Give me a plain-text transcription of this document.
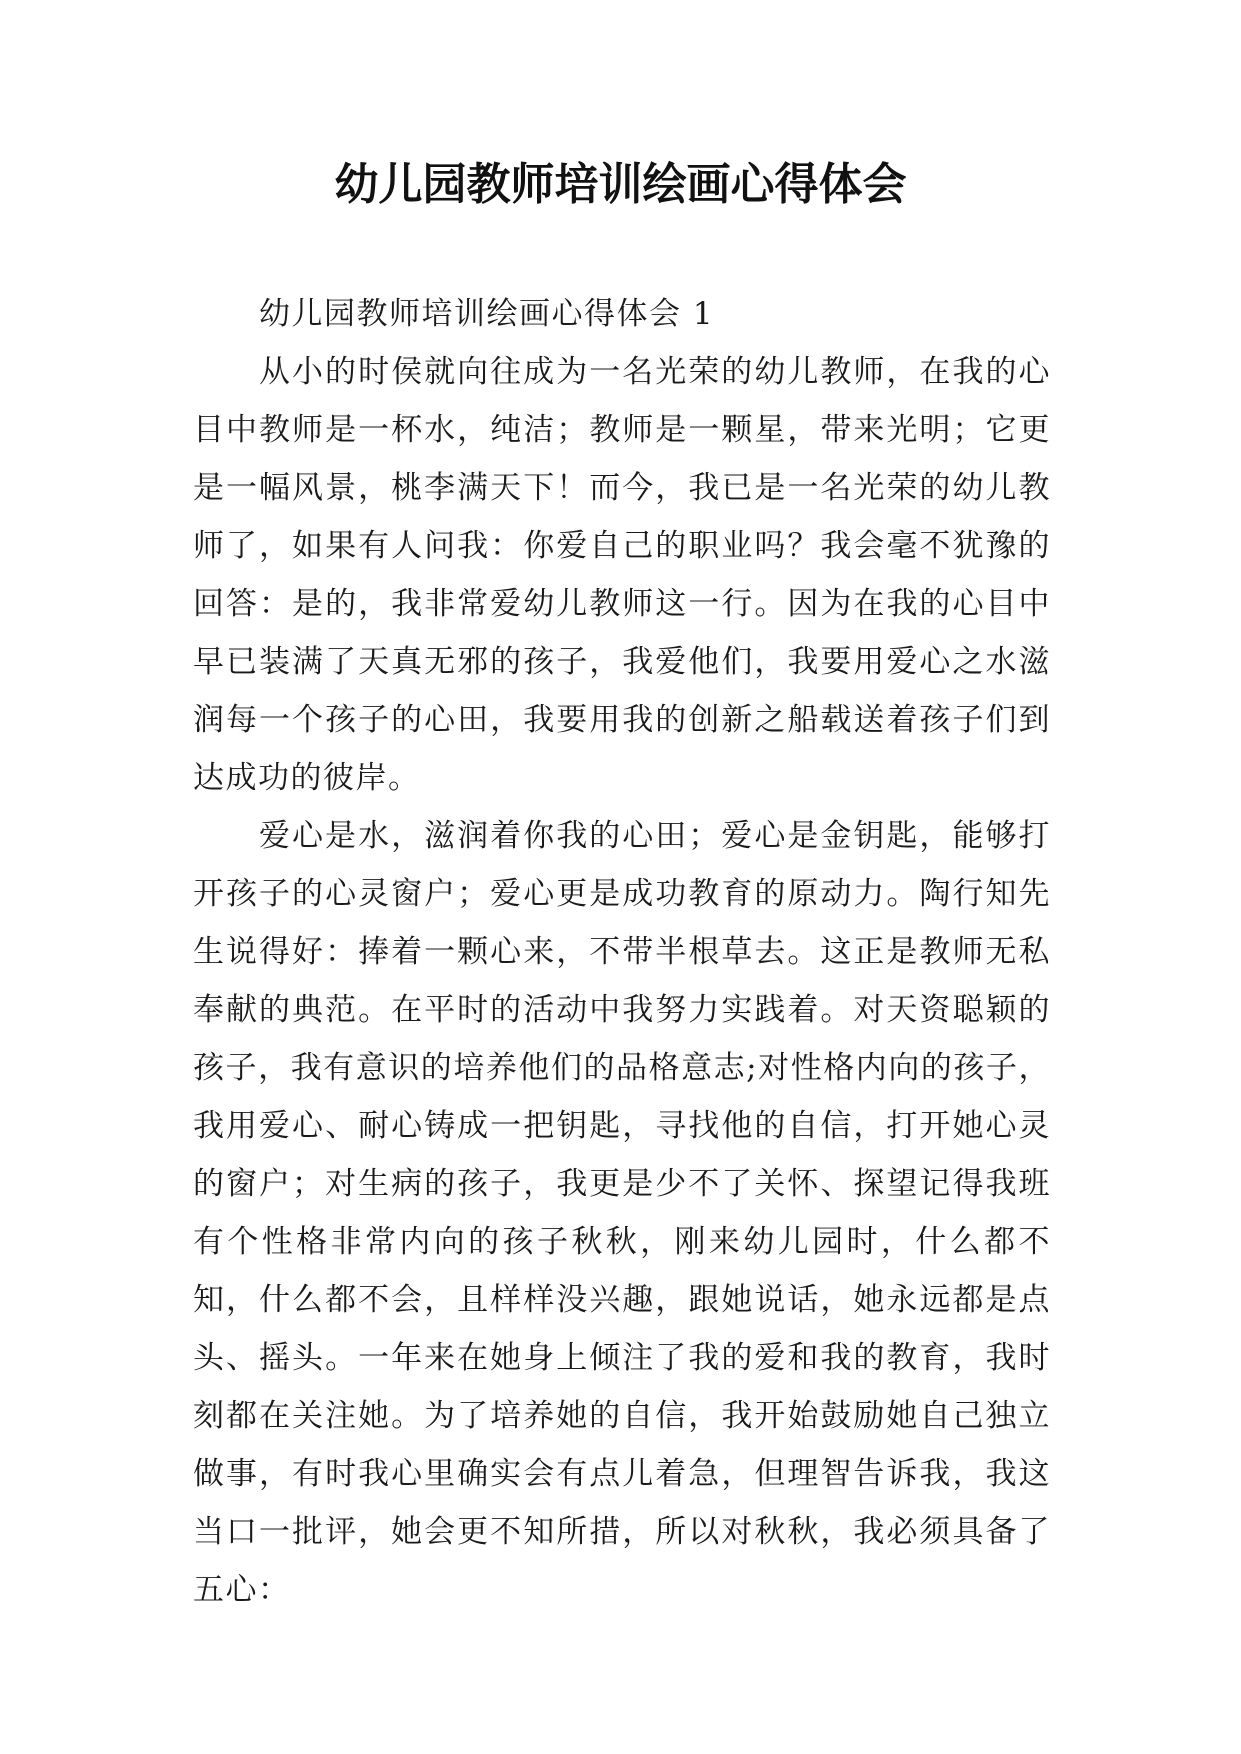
幼儿园教师培训绘画心得体会

幼儿园教师培训绘画心得体会 1

从小的时侯就向往成为一名光荣的幼儿教师，在我的心目中教师是一杯水，纯洁；教师是一颗星，带来光明；它更是一幅风景，桃李满天下！而今，我已是一名光荣的幼儿教师了，如果有人问我：你爱自己的职业吗？我会毫不犹豫的回答：是的，我非常爱幼儿教师这一行。因为在我的心目中早已装满了天真无邪的孩子，我爱他们，我要用爱心之水滋润每一个孩子的心田，我要用我的创新之船载送着孩子们到达成功的彼岸。

爱心是水，滋润着你我的心田；爱心是金钥匙，能够打开孩子的心灵窗户；爱心更是成功教育的原动力。陶行知先生说得好：捧着一颗心来，不带半根草去。这正是教师无私奉献的典范。在平时的活动中我努力实践着。对天资聪颖的孩子，我有意识的培养他们的品格意志;对性格内向的孩子，我用爱心、耐心铸成一把钥匙，寻找他的自信，打开她心灵的窗户；对生病的孩子，我更是少不了关怀、探望记得我班有个性格非常内向的孩子秋秋，刚来幼儿园时，什么都不知，什么都不会，且样样没兴趣，跟她说话，她永远都是点头、摇头。一年来在她身上倾注了我的爱和我的教育，我时刻都在关注她。为了培养她的自信，我开始鼓励她自己独立做事，有时我心里确实会有点儿着急，但理智告诉我，我这当口一批评，她会更不知所措，所以对秋秋，我必须具备了五心：
